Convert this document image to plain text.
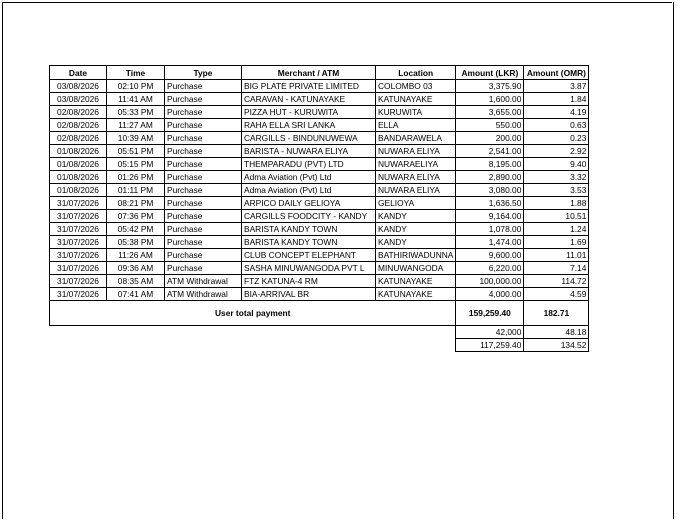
Date	Time	Type	Merchant / ATM	Location	Amount (LKR)	Amount (OMR)
03/08/2026	02:10 PM	Purchase	BIG PLATE PRIVATE LIMITED	COLOMBO 03	3,375.90	3.87
03/08/2026	11:41 AM	Purchase	CARAVAN - KATUNAYAKE	KATUNAYAKE	1,600.00	1.84
02/08/2026	05:33 PM	Purchase	PIZZA HUT - KURUWITA	KURUWITA	3,655.00	4.19
02/08/2026	11:27 AM	Purchase	RAHA ELLA SRI LANKA	ELLA	550.00	0.63
02/08/2026	10:39 AM	Purchase	CARGILLS - BINDUNUWEWA	BANDARAWELA	200.00	0.23
01/08/2026	05:51 PM	Purchase	BARISTA - NUWARA ELIYA	NUWARA ELIYA	2,541.00	2.92
01/08/2026	05:15 PM	Purchase	THEMPARADU (PVT) LTD	NUWARAELIYA	8,195.00	9.40
01/08/2026	01:26 PM	Purchase	Adma Aviation (Pvt) Ltd	NUWARA ELIYA	2,890.00	3.32
01/08/2026	01:11 PM	Purchase	Adma Aviation (Pvt) Ltd	NUWARA ELIYA	3,080.00	3.53
31/07/2026	08:21 PM	Purchase	ARPICO DAILY GELIOYA	GELIOYA	1,636.50	1.88
31/07/2026	07:36 PM	Purchase	CARGILLS FOODCITY - KANDY	KANDY	9,164.00	10.51
31/07/2026	05:42 PM	Purchase	BARISTA KANDY TOWN	KANDY	1,078.00	1.24
31/07/2026	05:38 PM	Purchase	BARISTA KANDY TOWN	KANDY	1,474.00	1.69
31/07/2026	11:26 AM	Purchase	CLUB CONCEPT ELEPHANT	BATHIRIWADUNNA	9,600.00	11.01
31/07/2026	09:36 AM	Purchase	SASHA MINUWANGODA PVT L	MINUWANGODA	6,220.00	7.14
31/07/2026	08:35 AM	ATM Withdrawal	FTZ KATUNA-4 RM	KATUNAYAKE	100,000.00	114.72
31/07/2026	07:41 AM	ATM Withdrawal	BIA-ARRIVAL BR	KATUNAYAKE	4,000.00	4.59
User total payment					159,259.40	182.71
					42,000	48.18
					117,259.40	134.52
